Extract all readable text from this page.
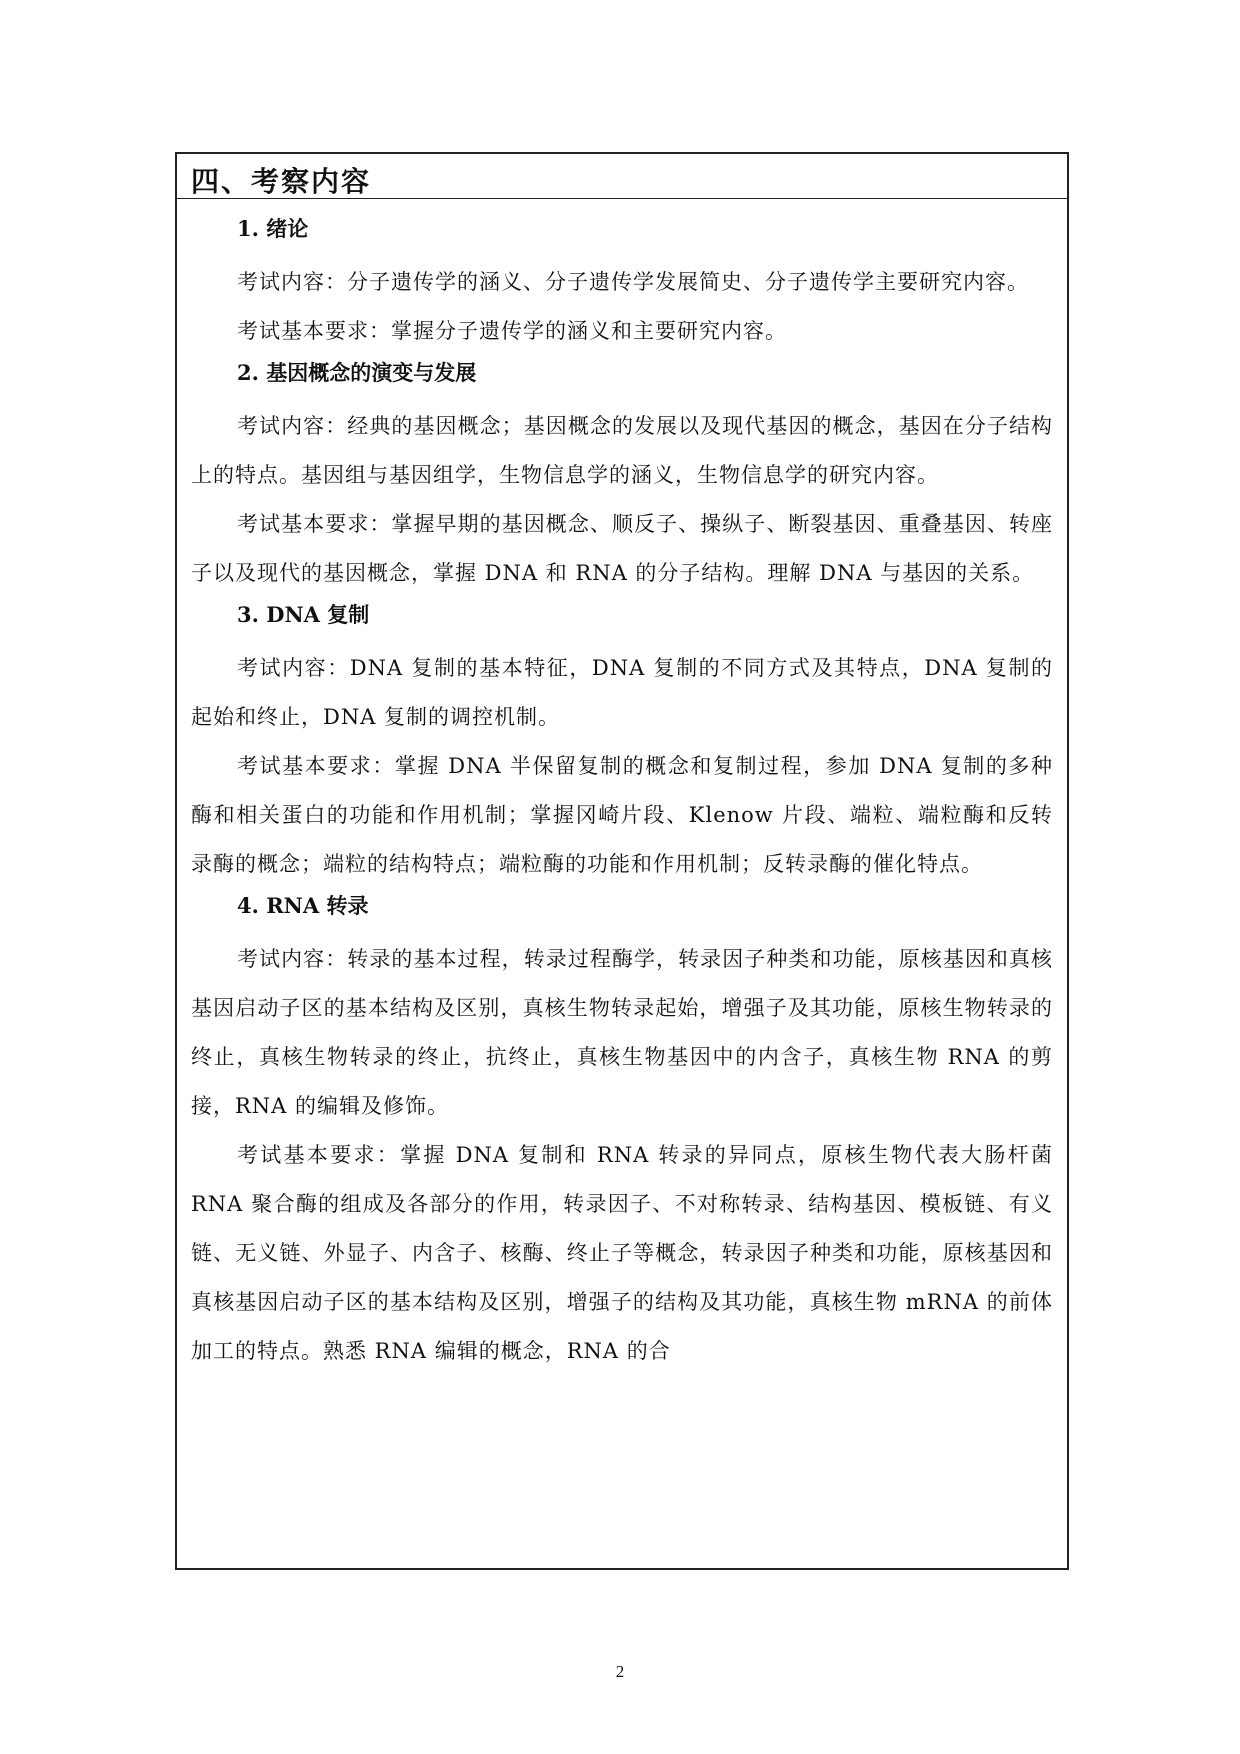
四、考察内容
1. 绪论
考试内容：分子遗传学的涵义、分子遗传学发展简史、分子遗传学主要研究内容。
考试基本要求：掌握分子遗传学的涵义和主要研究内容。
2. 基因概念的演变与发展
考试内容：经典的基因概念；基因概念的发展以及现代基因的概念，基因在分子结构上的特点。基因组与基因组学，生物信息学的涵义，生物信息学的研究内容。
考试基本要求：掌握早期的基因概念、顺反子、操纵子、断裂基因、重叠基因、转座子以及现代的基因概念，掌握 DNA 和 RNA 的分子结构。理解 DNA 与基因的关系。
3. DNA 复制
考试内容：DNA 复制的基本特征，DNA 复制的不同方式及其特点，DNA 复制的起始和终止，DNA 复制的调控机制。
考试基本要求：掌握 DNA 半保留复制的概念和复制过程，参加 DNA 复制的多种酶和相关蛋白的功能和作用机制；掌握冈崎片段、Klenow 片段、端粒、端粒酶和反转录酶的概念；端粒的结构特点；端粒酶的功能和作用机制；反转录酶的催化特点。
4. RNA 转录
考试内容：转录的基本过程，转录过程酶学，转录因子种类和功能，原核基因和真核基因启动子区的基本结构及区别，真核生物转录起始，增强子及其功能，原核生物转录的终止，真核生物转录的终止，抗终止，真核生物基因中的内含子，真核生物 RNA 的剪接，RNA 的编辑及修饰。
考试基本要求：掌握 DNA 复制和 RNA 转录的异同点，原核生物代表大肠杆菌 RNA 聚合酶的组成及各部分的作用，转录因子、不对称转录、结构基因、模板链、有义链、无义链、外显子、内含子、核酶、终止子等概念，转录因子种类和功能，原核基因和真核基因启动子区的基本结构及区别，增强子的结构及其功能，真核生物 mRNA 的前体加工的特点。熟悉 RNA 编辑的概念，RNA 的合
2
